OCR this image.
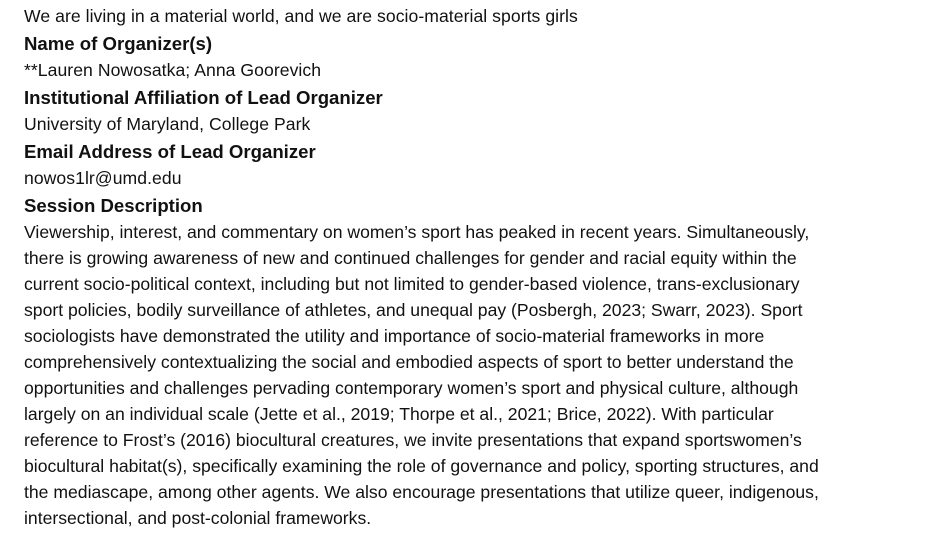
We are living in a material world, and we are socio-material sports girls
Name of Organizer(s)
**Lauren Nowosatka; Anna Goorevich
Institutional Affiliation of Lead Organizer
University of Maryland, College Park
Email Address of Lead Organizer
nowos1lr@umd.edu
Session Description
Viewership, interest, and commentary on women’s sport has peaked in recent years. Simultaneously,
there is growing awareness of new and continued challenges for gender and racial equity within the
current socio-political context, including but not limited to gender-based violence, trans-exclusionary
sport policies, bodily surveillance of athletes, and unequal pay (Posbergh, 2023; Swarr, 2023). Sport
sociologists have demonstrated the utility and importance of socio-material frameworks in more
comprehensively contextualizing the social and embodied aspects of sport to better understand the
opportunities and challenges pervading contemporary women’s sport and physical culture, although
largely on an individual scale (Jette et al., 2019; Thorpe et al., 2021; Brice, 2022). With particular
reference to Frost’s (2016) biocultural creatures, we invite presentations that expand sportswomen’s
biocultural habitat(s), specifically examining the role of governance and policy, sporting structures, and
the mediascape, among other agents. We also encourage presentations that utilize queer, indigenous,
intersectional, and post-colonial frameworks.
